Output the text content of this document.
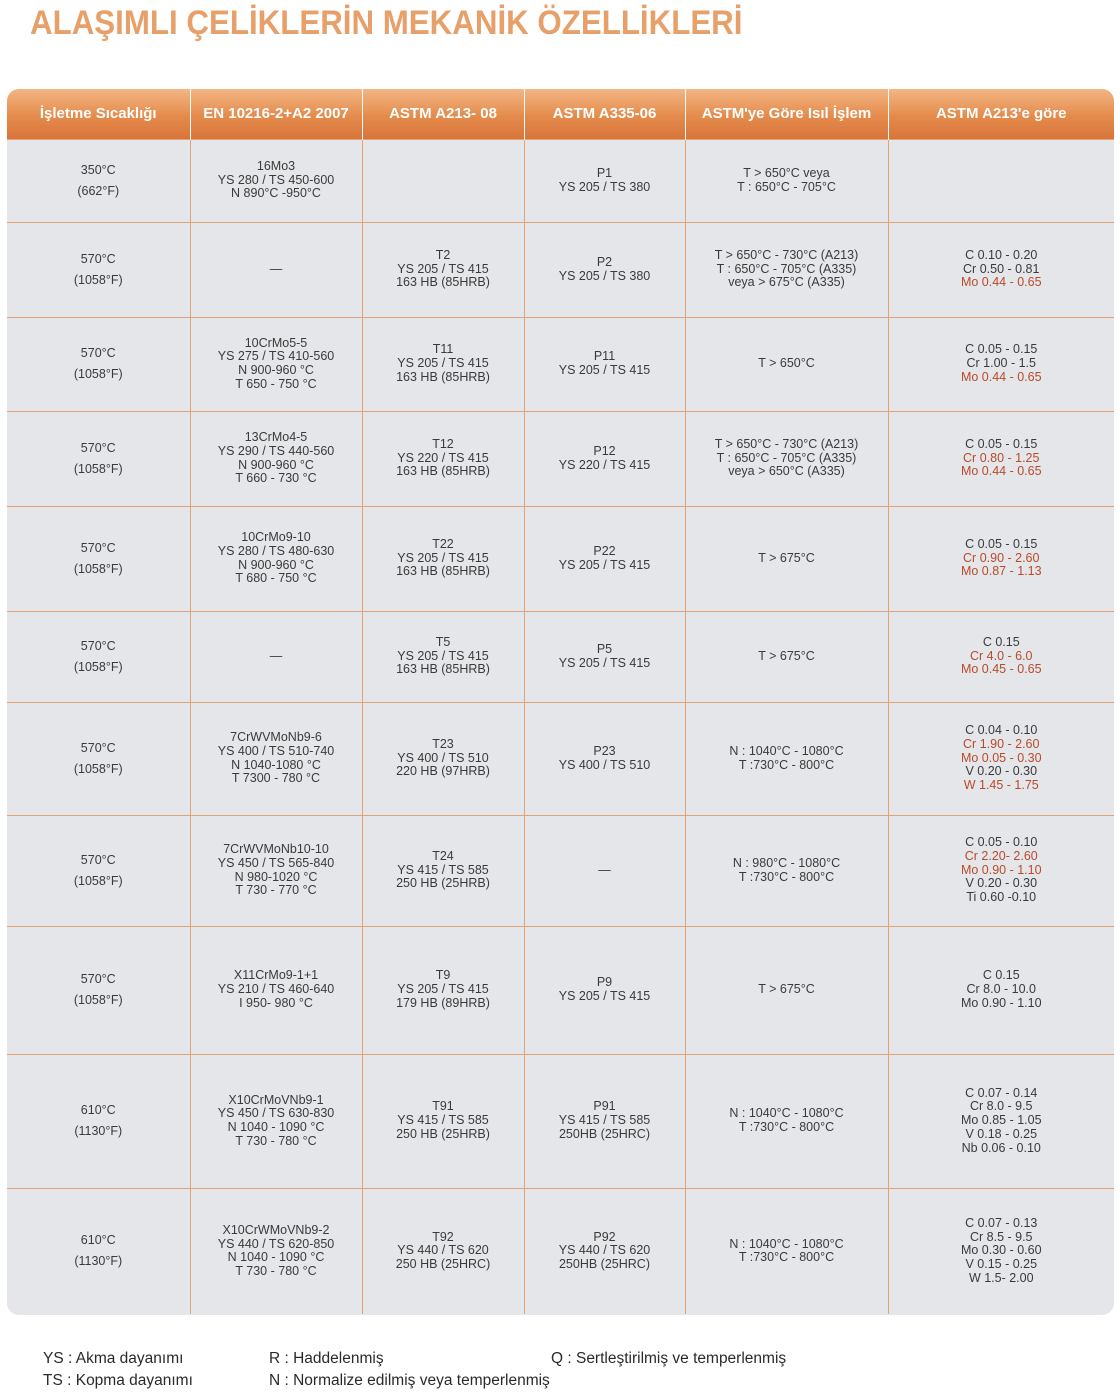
ALAŞIMLI ÇELİKLERİN MEKANİK ÖZELLİKLERİ
İşletme Sıcaklığı	EN 10216-2+A2 2007	ASTM A213- 08	ASTM A335-06	ASTM'ye Göre Isıl İşlem	ASTM A213'e göre

350°C
(662°F)	16Mo3
YS 280 / TS 450-600
N 890°C -950°C		P1
YS 205 / TS 380	T > 650°C veya
T : 650°C - 705°C	

570°C
(1058°F)	—	T2
YS 205 / TS 415
163 HB (85HRB)	P2
YS 205 / TS 380	T > 650°C - 730°C (A213)
T : 650°C - 705°C (A335)
veya > 675°C (A335)	C 0.10 - 0.20
Cr 0.50 - 0.81
Mo 0.44 - 0.65

570°C
(1058°F)	10CrMo5-5
YS 275 / TS 410-560
N 900-960 °C
T 650 - 750 °C	T11
YS 205 / TS 415
163 HB (85HRB)	P11
YS 205 / TS 415	T > 650°C	C 0.05 - 0.15
Cr 1.00 - 1.5
Mo 0.44 - 0.65

570°C
(1058°F)	13CrMo4-5
YS 290 / TS 440-560
N 900-960 °C
T 660 - 730 °C	T12
YS 220 / TS 415
163 HB (85HRB)	P12
YS 220 / TS 415	T > 650°C - 730°C (A213)
T : 650°C - 705°C (A335)
veya > 650°C (A335)	C 0.05 - 0.15
Cr 0.80 - 1.25
Mo 0.44 - 0.65

570°C
(1058°F)	10CrMo9-10
YS 280 / TS 480-630
N 900-960 °C
T 680 - 750 °C	T22
YS 205 / TS 415
163 HB (85HRB)	P22
YS 205 / TS 415	T > 675°C	C 0.05 - 0.15
Cr 0.90 - 2.60
Mo 0.87 - 1.13

570°C
(1058°F)	—	T5
YS 205 / TS 415
163 HB (85HRB)	P5
YS 205 / TS 415	T > 675°C	C 0.15
Cr 4.0 - 6.0
Mo 0.45 - 0.65

570°C
(1058°F)	7CrWVMoNb9-6
YS 400 / TS 510-740
N 1040-1080 °C
T 7300 - 780 °C	T23
YS 400 / TS 510
220 HB (97HRB)	P23
YS 400 / TS 510	N : 1040°C - 1080°C
T :730°C - 800°C	C 0.04 - 0.10
Cr 1.90 - 2.60
Mo 0.05 - 0.30
V 0.20 - 0.30
W 1.45 - 1.75

570°C
(1058°F)	7CrWVMoNb10-10
YS 450 / TS 565-840
N 980-1020 °C
T 730 - 770 °C	T24
YS 415 / TS 585
250 HB (25HRB)	—	N : 980°C - 1080°C
T :730°C - 800°C	C 0.05 - 0.10
Cr 2.20- 2.60
Mo 0.90 - 1.10
V 0.20 - 0.30
Ti 0.60 -0.10

570°C
(1058°F)	X11CrMo9-1+1
YS 210 / TS 460-640
I 950- 980 °C	T9
YS 205 / TS 415
179 HB (89HRB)	P9
YS 205 / TS 415	T > 675°C	C 0.15
Cr 8.0 - 10.0
Mo 0.90 - 1.10

610°C
(1130°F)	X10CrMoVNb9-1
YS 450 / TS 630-830
N 1040 - 1090 °C
T 730 - 780 °C	T91
YS 415 / TS 585
250 HB (25HRB)	P91
YS 415 / TS 585
250HB (25HRC)	N : 1040°C - 1080°C
T :730°C - 800°C	C 0.07 - 0.14
Cr 8.0 - 9.5
Mo 0.85 - 1.05
V 0.18 - 0.25
Nb 0.06 - 0.10

610°C
(1130°F)	X10CrWMoVNb9-2
YS 440 / TS 620-850
N 1040 - 1090 °C
T 730 - 780 °C	T92
YS 440 / TS 620
250 HB (25HRC)	P92
YS 440 / TS 620
250HB (25HRC)	N : 1040°C - 1080°C
T :730°C - 800°C	C 0.07 - 0.13
Cr 8.5 - 9.5
Mo 0.30 - 0.60
V 0.15 - 0.25
W 1.5- 2.00
YS : Akma dayanımı
TS : Kopma dayanımı
R : Haddelenmiş
N : Normalize edilmiş veya temperlenmiş
Q : Sertleştirilmiş ve temperlenmiş
